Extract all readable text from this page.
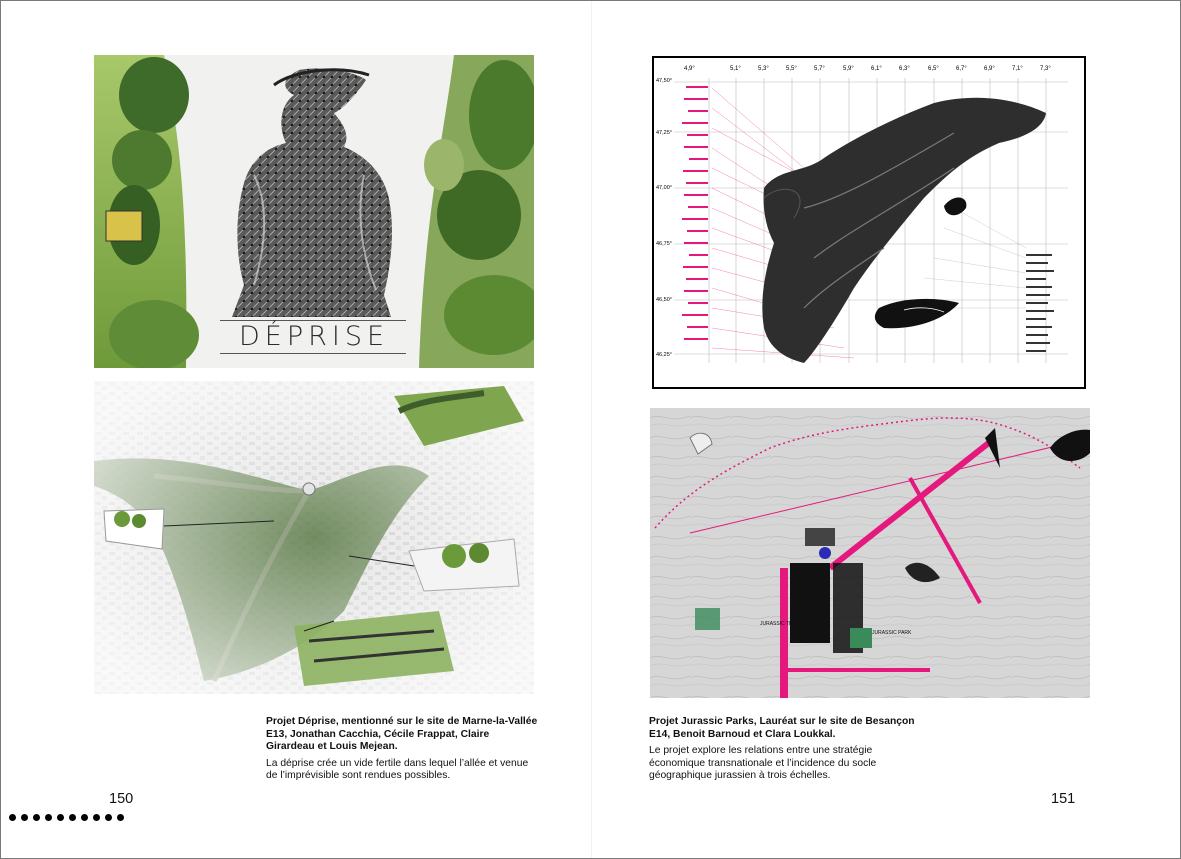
DÉPRISE
4,9°	5,1°	5,3°	5,5°	5,7°	5,9°	6,1°	6,3°	6,5°	6,7°	6,9°	7,1°	7,3°
47,50°
47,25°
47,00°
46,75°
46,50°
46,25°
JURASSIC TRACK
JURASSIC PARK
Projet Déprise, mentionné sur le site de Marne-la-Vallée E13, Jonathan Cacchia, Cécile Frappat, Claire Girardeau et Louis Mejean.
La déprise crée un vide fertile dans lequel l’allée et venue de l’imprévisible sont rendues possibles.
Projet Jurassic Parks, Lauréat sur le site de Besançon E14, Benoit Barnoud et Clara Loukkal.
Le projet explore les relations entre une stratégie économique transnationale et l’incidence du socle géographique jurassien à trois échelles.
150	151
